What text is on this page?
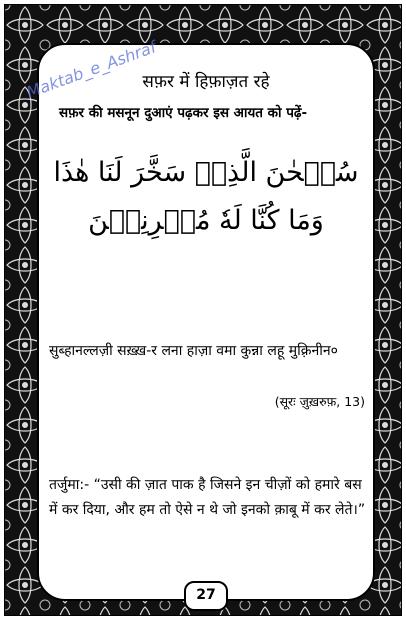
सफ़र में हिफ़ाज़त रहे
सफ़र की मसनून दुआएं पढ़कर इस आयत को पढ़ें-
سُبۡحٰنَ الَّذِیۡ سَخَّرَ لَنَا هٰذَا
وَمَا كُنَّا لَهٗ مُقۡرِنِیۡنَ
सुब्हानल्लज़ी सख़्ख़-र लना हाज़ा वमा कुन्ना लहू मुक़्रिनीन०
(सूरः ज़ुख़रुफ़, 13)
तर्जुमा:- “उसी की ज़ात पाक है जिसने इन चीज़ों को हमारे बस में कर दिया, और हम तो ऐसे न थे जो इनको क़ाबू में कर लेते।”
27
Maktab_e_Ashraf
